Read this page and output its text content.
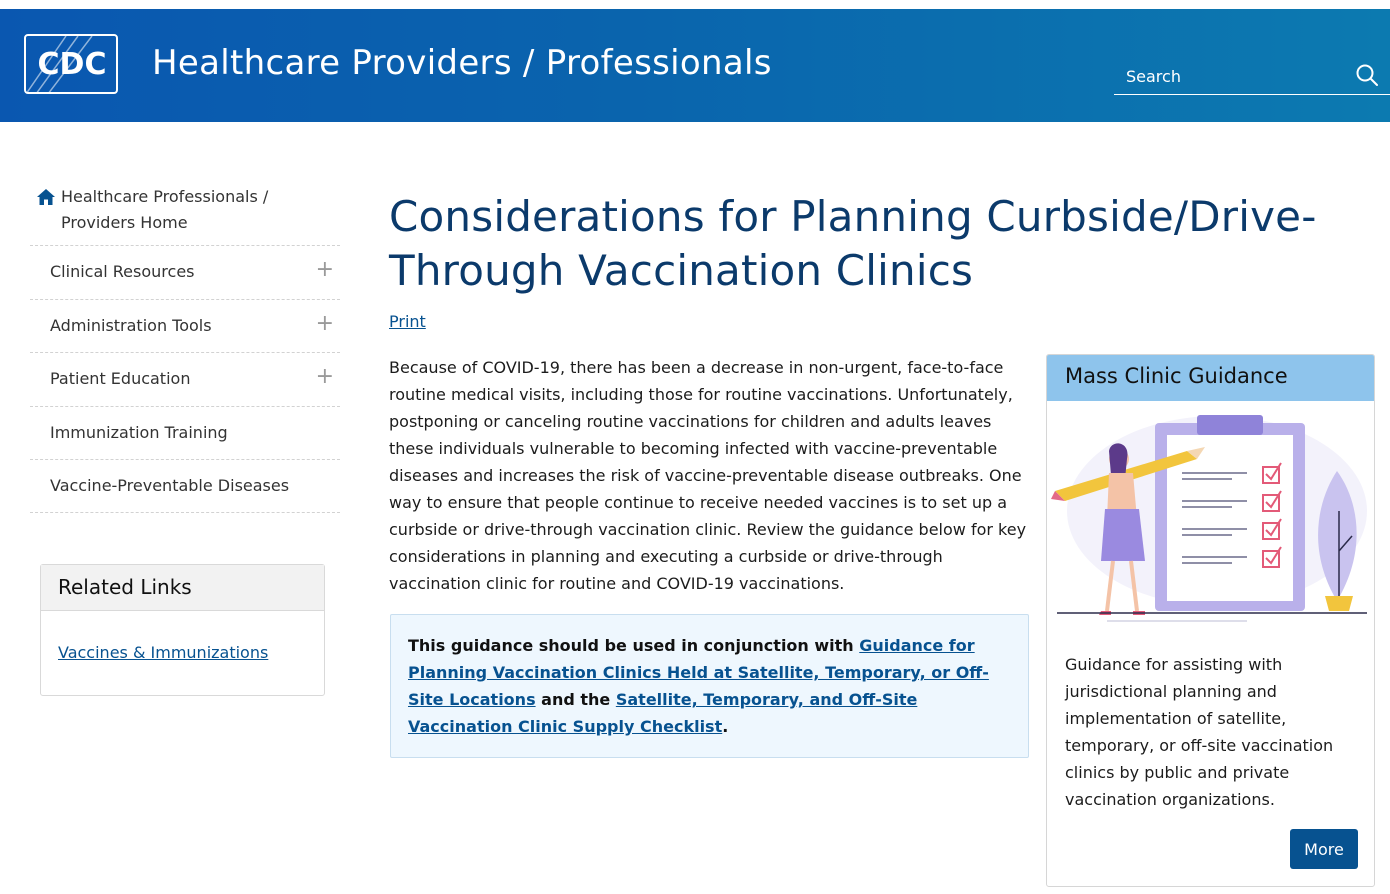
CDC Healthcare Providers / Professionals
Search
Healthcare Professionals / Providers Home
Clinical Resources	+
Administration Tools	+
Patient Education	+
Immunization Training
Vaccine-Preventable Diseases
Related Links
Vaccines & Immunizations
Considerations for Planning Curbside/Drive-Through Vaccination Clinics
Print

Because of COVID-19, there has been a decrease in non-urgent, face-to-face routine medical visits, including those for routine vaccinations. Unfortunately, postponing or canceling routine vaccinations for children and adults leaves these individuals vulnerable to becoming infected with vaccine-preventable diseases and increases the risk of vaccine-preventable disease outbreaks. One way to ensure that people continue to receive needed vaccines is to set up a curbside or drive-through vaccination clinic. Review the guidance below for key considerations in planning and executing a curbside or drive-through vaccination clinic for routine and COVID-19 vaccinations.

This guidance should be used in conjunction with Guidance for Planning Vaccination Clinics Held at Satellite, Temporary, or Off-Site Locations and the Satellite, Temporary, and Off-Site Vaccination Clinic Supply Checklist.
Mass Clinic Guidance

Guidance for assisting with jurisdictional planning and implementation of satellite, temporary, or off-site vaccination clinics by public and private vaccination organizations.

More
